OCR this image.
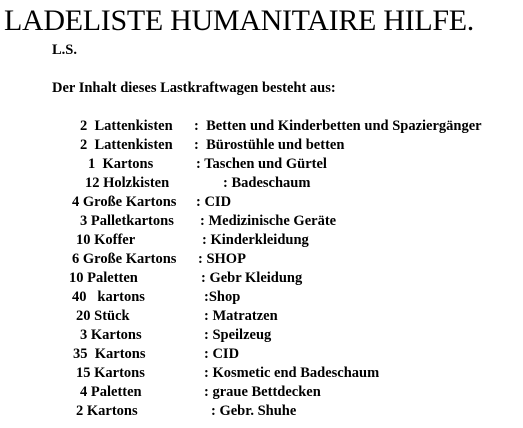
LADELISTE HUMANITAIRE HILFE.
L.S.
Der Inhalt dieses Lastkraftwagen besteht aus:
2  Lattenkisten :  Betten und Kinderbetten und Spaziergänger
2  Lattenkisten :  Bürostühle und betten
1  Kartons	: Taschen und Gürtel
12 Holzkisten	: Badeschaum
4 Große Kartons : CID
3 Palletkartons : Medizinische Geräte
10 Koffer	: Kinderkleidung
6 Große Kartons : SHOP
10 Paletten	: Gebr Kleidung
40   kartons	:Shop
20 Stück	: Matratzen
3 Kartons	: Speilzeug
35  Kartons	: CID
15 Kartons	: Kosmetic end Badeschaum
4 Paletten	: graue Bettdecken
2 Kartons	: Gebr. Shuhe
